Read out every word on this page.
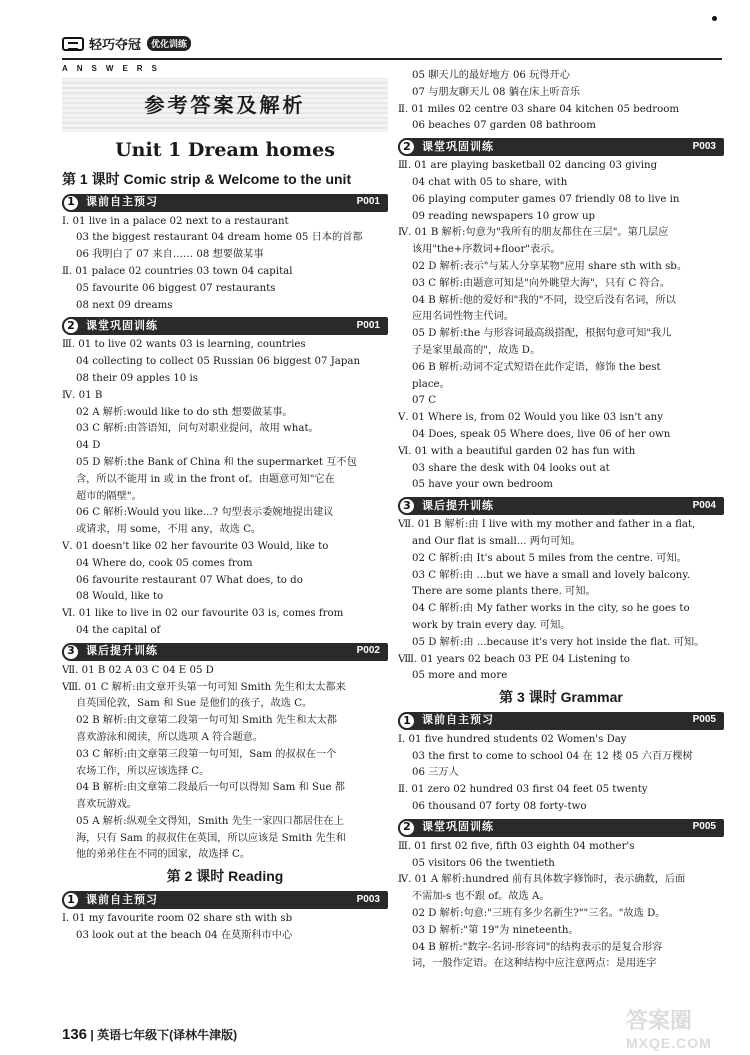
轻巧夺冠	优化训练
ANSWERS
参考答案及解析
Unit 1 Dream homes
第 1 课时 Comic strip & Welcome to the unit
1	课前自主预习	P001
Ⅰ. 01 live in a palace 02 next to a restaurant
03 the biggest restaurant 04 dream home 05 日本的首都
06 我明白了 07 来自…… 08 想要做某事
Ⅱ. 01 palace 02 countries 03 town 04 capital
05 favourite 06 biggest 07 restaurants
08 next 09 dreams
2	课堂巩固训练	P001
Ⅲ. 01 to live 02 wants 03 is learning, countries
04 collecting to collect 05 Russian 06 biggest 07 Japan
08 their 09 apples 10 is
Ⅳ. 01 B
02 A 解析:would like to do sth 想要做某事。
03 C 解析:由答语知，问句对职业提问，故用 what。
04 D
05 D 解析:the Bank of China 和 the supermarket 互不包
含，所以不能用 in 或 in the front of。由题意可知"它在
超市的隔壁"。
06 C 解析:Would you like...? 句型表示委婉地提出建议
或请求，用 some，不用 any，故选 C。
Ⅴ. 01 doesn't like 02 her favourite 03 Would, like to
04 Where do, cook 05 comes from
06 favourite restaurant 07 What does, to do
08 Would, like to
Ⅵ. 01 like to live in 02 our favourite 03 is, comes from
04 the capital of
3	课后提升训练	P002
Ⅶ. 01 B 02 A 03 C 04 E 05 D
Ⅷ. 01 C 解析:由文章开头第一句可知 Smith 先生和太太都来
自英国伦敦，Sam 和 Sue 是他们的孩子，故选 C。
02 B 解析:由文章第二段第一句可知 Smith 先生和太太都
喜欢游泳和阅读，所以选项 A 符合题意。
03 C 解析:由文章第三段第一句可知，Sam 的叔叔在一个
农场工作，所以应该选择 C。
04 B 解析:由文章第二段最后一句可以得知 Sam 和 Sue 都
喜欢玩游戏。
05 A 解析:纵观全文得知，Smith 先生一家四口都居住在上
海，只有 Sam 的叔叔住在英国，所以应该是 Smith 先生和
他的弟弟住在不同的国家，故选择 C。
第 2 课时 Reading
1	课前自主预习	P003
Ⅰ. 01 my favourite room 02 share sth with sb
03 look out at the beach 04 在莫斯科市中心
05 聊天儿的最好地方 06 玩得开心
07 与朋友聊天儿 08 躺在床上听音乐
Ⅱ. 01 miles 02 centre 03 share 04 kitchen 05 bedroom
06 beaches 07 garden 08 bathroom
2	课堂巩固训练	P003
Ⅲ. 01 are playing basketball 02 dancing 03 giving
04 chat with 05 to share, with
06 playing computer games 07 friendly 08 to live in
09 reading newspapers 10 grow up
Ⅳ. 01 B 解析:句意为"我所有的朋友都住在三层"。第几层应
该用"the+序数词+floor"表示。
02 D 解析:表示"与某人分享某物"应用 share sth with sb。
03 C 解析:由题意可知是"向外眺望大海"，只有 C 符合。
04 B 解析:他的爱好和"我的"不同，设空后没有名词，所以
应用名词性物主代词。
05 D 解析:the 与形容词最高级搭配，根据句意可知"我儿
子是家里最高的"，故选 D。
06 B 解析:动词不定式短语在此作定语，修饰 the best
place。
07 C
Ⅴ. 01 Where is, from 02 Would you like 03 isn't any
04 Does, speak 05 Where does, live 06 of her own
Ⅵ. 01 with a beautiful garden 02 has fun with
03 share the desk with 04 looks out at
05 have your own bedroom
3	课后提升训练	P004
Ⅶ. 01 B 解析:由 I live with my mother and father in a flat,
and Our flat is small... 两句可知。
02 C 解析:由 It's about 5 miles from the centre. 可知。
03 C 解析:由 ...but we have a small and lovely balcony.
There are some plants there. 可知。
04 C 解析:由 My father works in the city, so he goes to
work by train every day. 可知。
05 D 解析:由 ...because it's very hot inside the flat. 可知。
Ⅷ. 01 years 02 beach 03 PE 04 Listening to
05 more and more
第 3 课时 Grammar
1	课前自主预习	P005
Ⅰ. 01 five hundred students 02 Women's Day
03 the first to come to school 04 在 12 楼 05 六百万棵树
06 三万人
Ⅱ. 01 zero 02 hundred 03 first 04 feet 05 twenty
06 thousand 07 forty 08 forty-two
2	课堂巩固训练	P005
Ⅲ. 01 first 02 five, fifth 03 eighth 04 mother's
05 visitors 06 the twentieth
Ⅳ. 01 A 解析:hundred 前有具体数字修饰时，表示确数，后面
不需加-s 也不跟 of。故选 A。
02 D 解析:句意:"三班有多少名新生?""三名。"故选 D。
03 D 解析:"第 19"为 nineteenth。
04 B 解析:"数字-名词-形容词"的结构表示的是复合形容
词，一般作定语。在这种结构中应注意两点：是用连字
136 | 英语七年级下(译林牛津版)
答案圈
MXQE.COM
